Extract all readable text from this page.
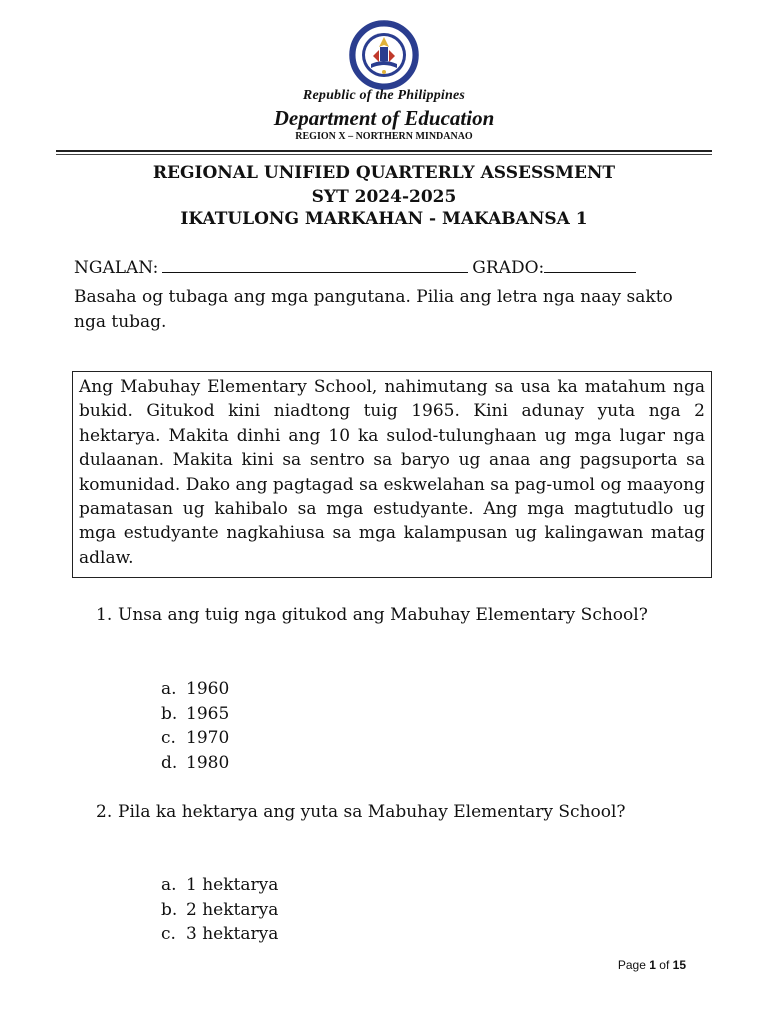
Republic of the Philippines
Department of Education
REGION X – NORTHERN MINDANAO
REGIONAL UNIFIED QUARTERLY ASSESSMENT
SYT 2024-2025
IKATULONG MARKAHAN - MAKABANSA 1
NGALAN:	GRADO:
Basaha og tubaga ang mga pangutana. Pilia ang letra nga naay sakto nga tubag.
Ang Mabuhay Elementary School, nahimutang sa usa ka matahum nga bukid. Gitukod kini niadtong tuig 1965. Kini adunay yuta nga 2 hektarya. Makita dinhi ang 10 ka sulod-tulunghaan ug mga lugar nga dulaanan. Makita kini sa sentro sa baryo ug anaa ang pagsuporta sa komunidad. Dako ang pagtagad sa eskwelahan sa pag-umol og maayong pamatasan ug kahibalo sa mga estudyante. Ang mga magtutudlo ug mga estudyante nagkahiusa sa mga kalampusan ug kalingawan matag adlaw.
1. Unsa ang tuig nga gitukod ang Mabuhay Elementary School?
a. 1960
b. 1965
c. 1970
d. 1980
2. Pila ka hektarya ang yuta sa Mabuhay Elementary School?
a. 1 hektarya
b. 2 hektarya
c. 3 hektarya
Page 1 of 15
